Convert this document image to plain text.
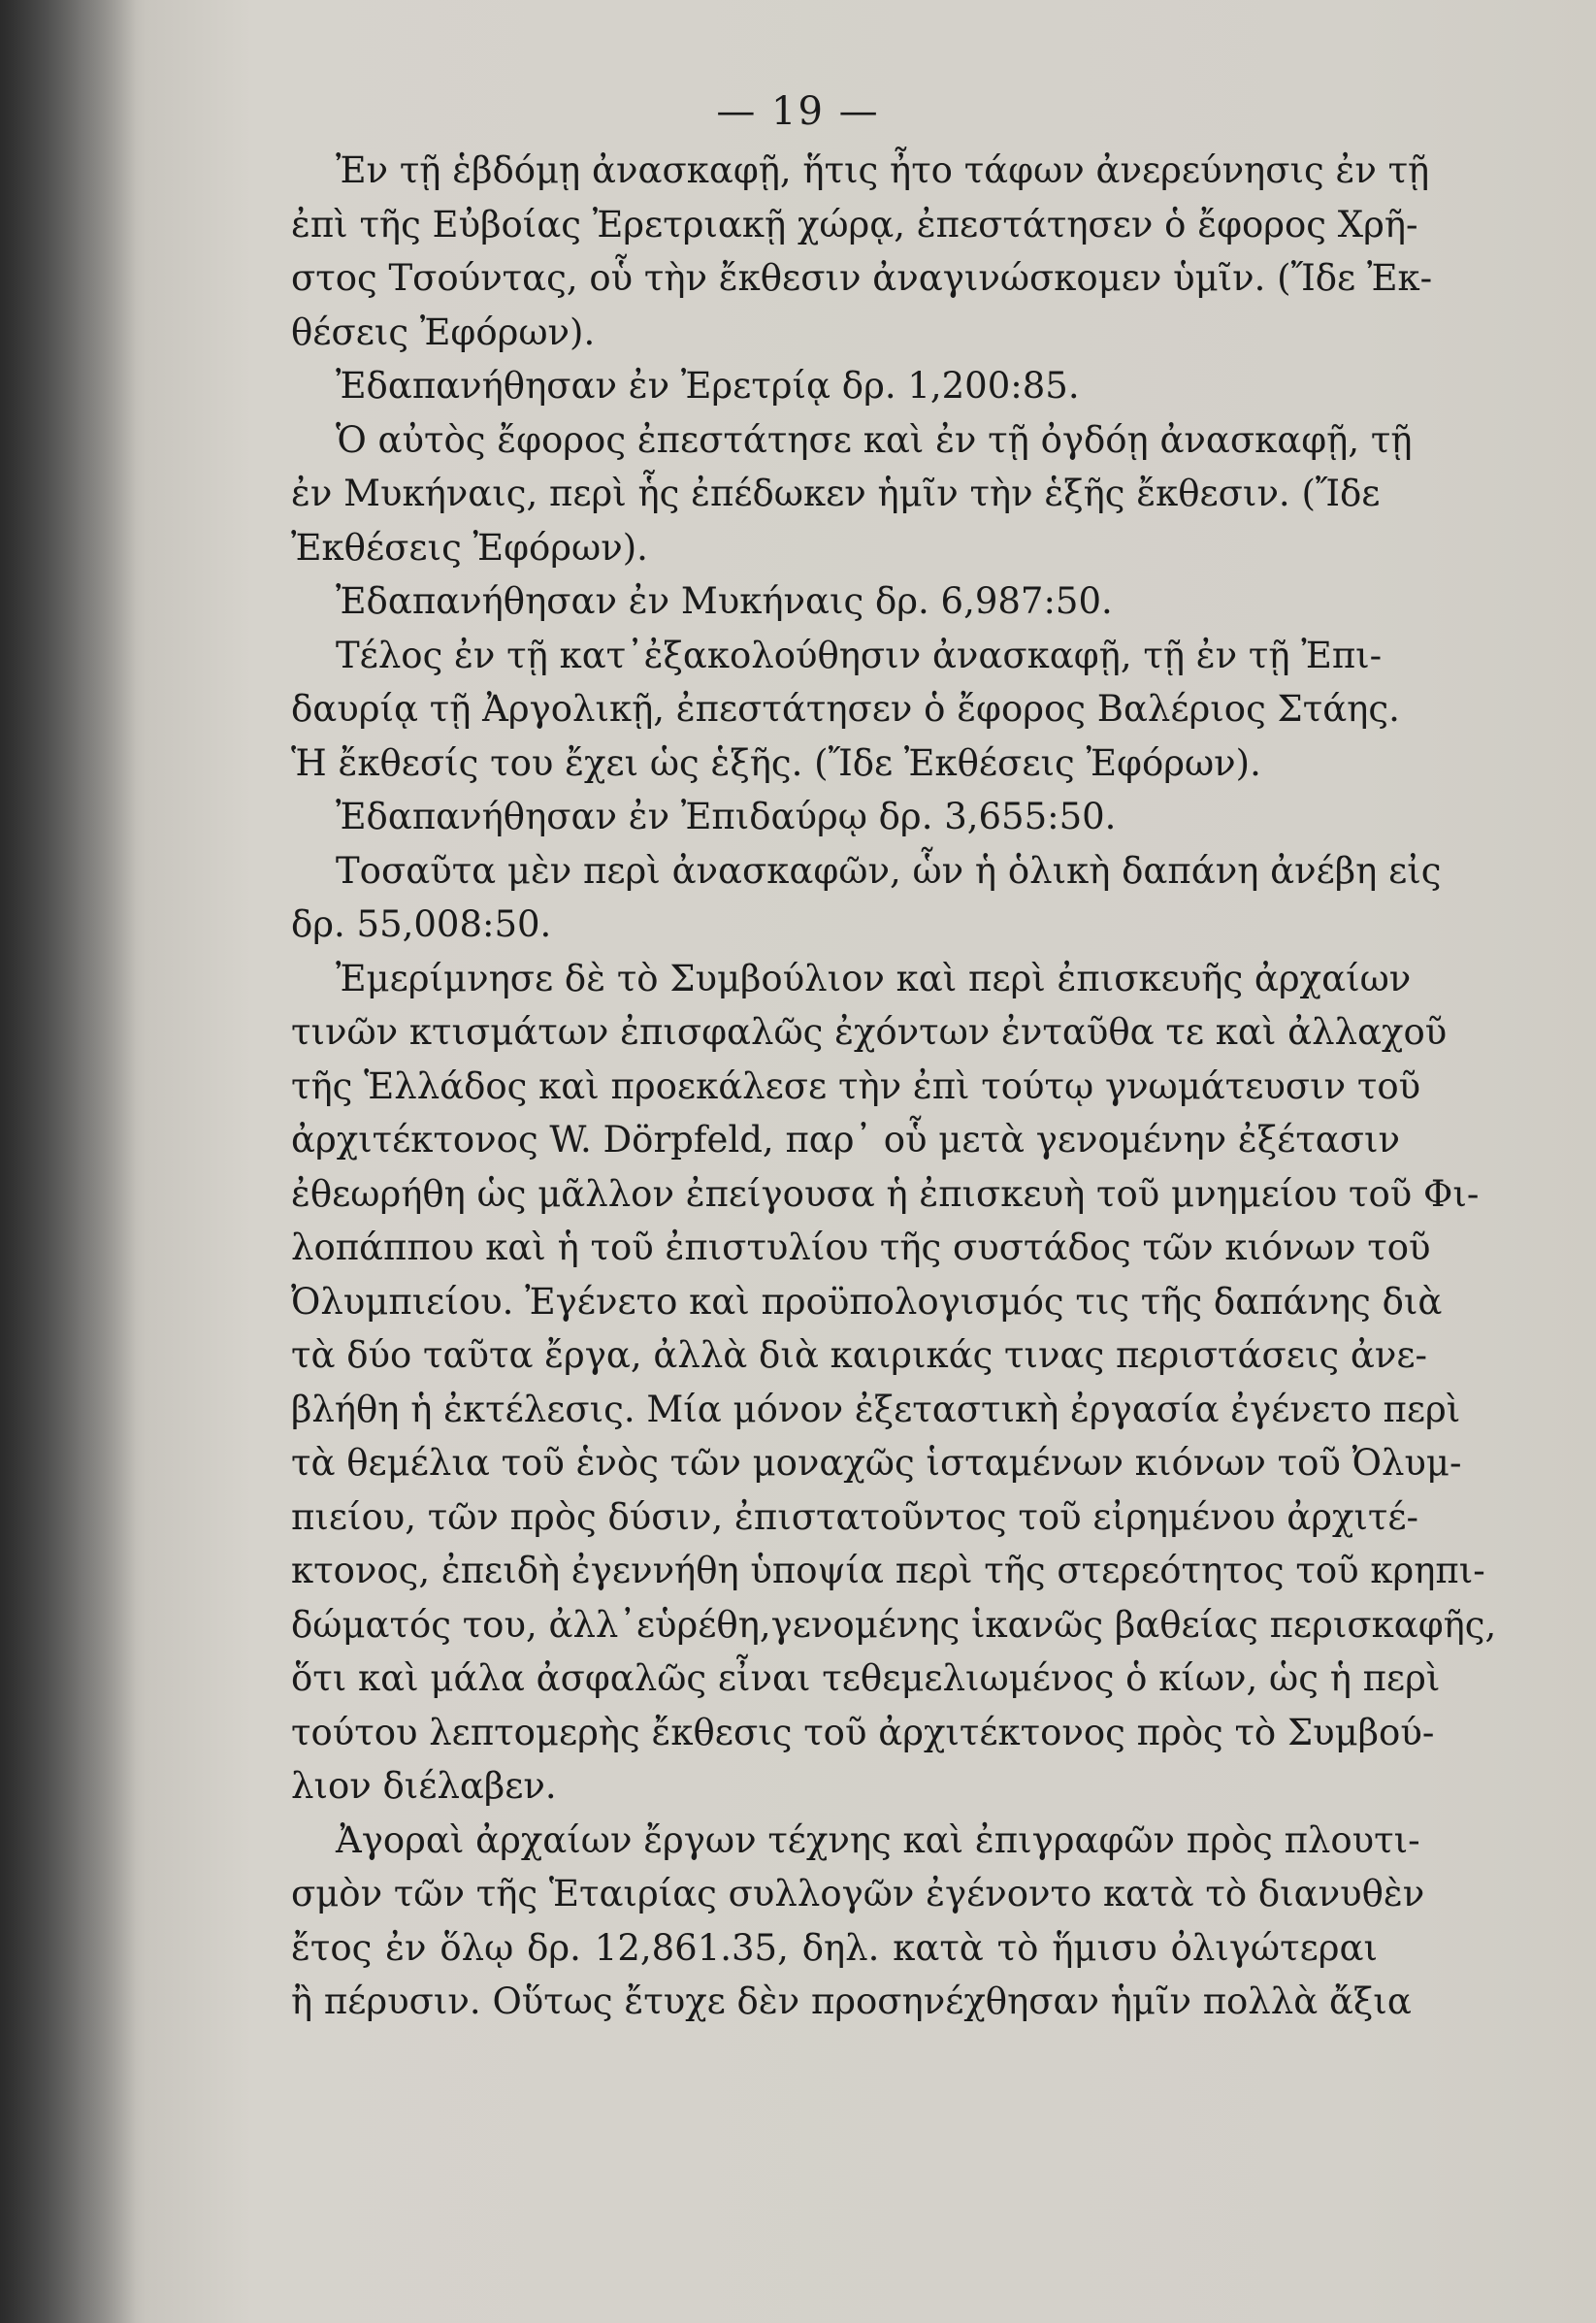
— 19 —
Ἐν τῇ ἑβδόμῃ ἀνασκαφῇ, ἥτις ἦτο τάφων ἀνερεύνησις ἐν τῇ
ἐπὶ τῆς Εὐβοίας Ἐρετριακῇ χώρᾳ, ἐπεστάτησεν ὁ ἔφορος Χρῆ-
στος Τσούντας, οὗ τὴν ἔκθεσιν ἀναγινώσκομεν ὑμῖν. (Ἴδε Ἐκ-
θέσεις Ἐφόρων).
Ἐδαπανήθησαν ἐν Ἐρετρίᾳ δρ. 1,200:85.
Ὁ αὐτὸς ἔφορος ἐπεστάτησε καὶ ἐν τῇ ὀγδόῃ ἀνασκαφῇ, τῇ
ἐν Μυκήναις, περὶ ἧς ἐπέδωκεν ἡμῖν τὴν ἑξῆς ἔκθεσιν. (Ἴδε
Ἐκθέσεις Ἐφόρων).
Ἐδαπανήθησαν ἐν Μυκήναις δρ. 6,987:50.
Τέλος ἐν τῇ κατ᾽ἐξακολούθησιν ἀνασκαφῇ, τῇ ἐν τῇ Ἐπι-
δαυρίᾳ τῇ Ἀργολικῇ, ἐπεστάτησεν ὁ ἔφορος Βαλέριος Στάης.
Ἡ ἔκθεσίς του ἔχει ὡς ἑξῆς. (Ἴδε Ἐκθέσεις Ἐφόρων).
Ἐδαπανήθησαν ἐν Ἐπιδαύρῳ δρ. 3,655:50.
Τοσαῦτα μὲν περὶ ἀνασκαφῶν, ὧν ἡ ὁλικὴ δαπάνη ἀνέβη εἰς
δρ. 55,008:50.
Ἐμερίμνησε δὲ τὸ Συμβούλιον καὶ περὶ ἐπισκευῆς ἀρχαίων
τινῶν κτισμάτων ἐπισφαλῶς ἐχόντων ἐνταῦθα τε καὶ ἀλλαχοῦ
τῆς Ἑλλάδος καὶ προεκάλεσε τὴν ἐπὶ τούτῳ γνωμάτευσιν τοῦ
ἀρχιτέκτονος W. Dörpfeld, παρ᾽ οὗ μετὰ γενομένην ἐξέτασιν
ἐθεωρήθη ὡς μᾶλλον ἐπείγουσα ἡ ἐπισκευὴ τοῦ μνημείου τοῦ Φι-
λοπάππου καὶ ἡ τοῦ ἐπιστυλίου τῆς συστάδος τῶν κιόνων τοῦ
Ὀλυμπιείου. Ἐγένετο καὶ προϋπολογισμός τις τῆς δαπάνης διὰ
τὰ δύο ταῦτα ἔργα, ἀλλὰ διὰ καιρικάς τινας περιστάσεις ἀνε-
βλήθη ἡ ἐκτέλεσις. Μία μόνον ἐξεταστικὴ ἐργασία ἐγένετο περὶ
τὰ θεμέλια τοῦ ἑνὸς τῶν μοναχῶς ἱσταμένων κιόνων τοῦ Ὀλυμ-
πιείου, τῶν πρὸς δύσιν, ἐπιστατοῦντος τοῦ εἰρημένου ἀρχιτέ-
κτονος, ἐπειδὴ ἐγεννήθη ὑποψία περὶ τῆς στερεότητος τοῦ κρηπι-
δώματός του, ἀλλ᾽εὑρέθη,γενομένης ἱκανῶς βαθείας περισκαφῆς,
ὅτι καὶ μάλα ἀσφαλῶς εἶναι τεθεμελιωμένος ὁ κίων, ὡς ἡ περὶ
τούτου λεπτομερὴς ἔκθεσις τοῦ ἀρχιτέκτονος πρὸς τὸ Συμβού-
λιον διέλαβεν.
Ἀγοραὶ ἀρχαίων ἔργων τέχνης καὶ ἐπιγραφῶν πρὸς πλουτι-
σμὸν τῶν τῆς Ἑταιρίας συλλογῶν ἐγένοντο κατὰ τὸ διανυθὲν
ἔτος ἐν ὅλῳ δρ. 12,861.35, δηλ. κατὰ τὸ ἥμισυ ὀλιγώτεραι
ἢ πέρυσιν. Οὕτως ἔτυχε δὲν προσηνέχθησαν ἡμῖν πολλὰ ἄξια
